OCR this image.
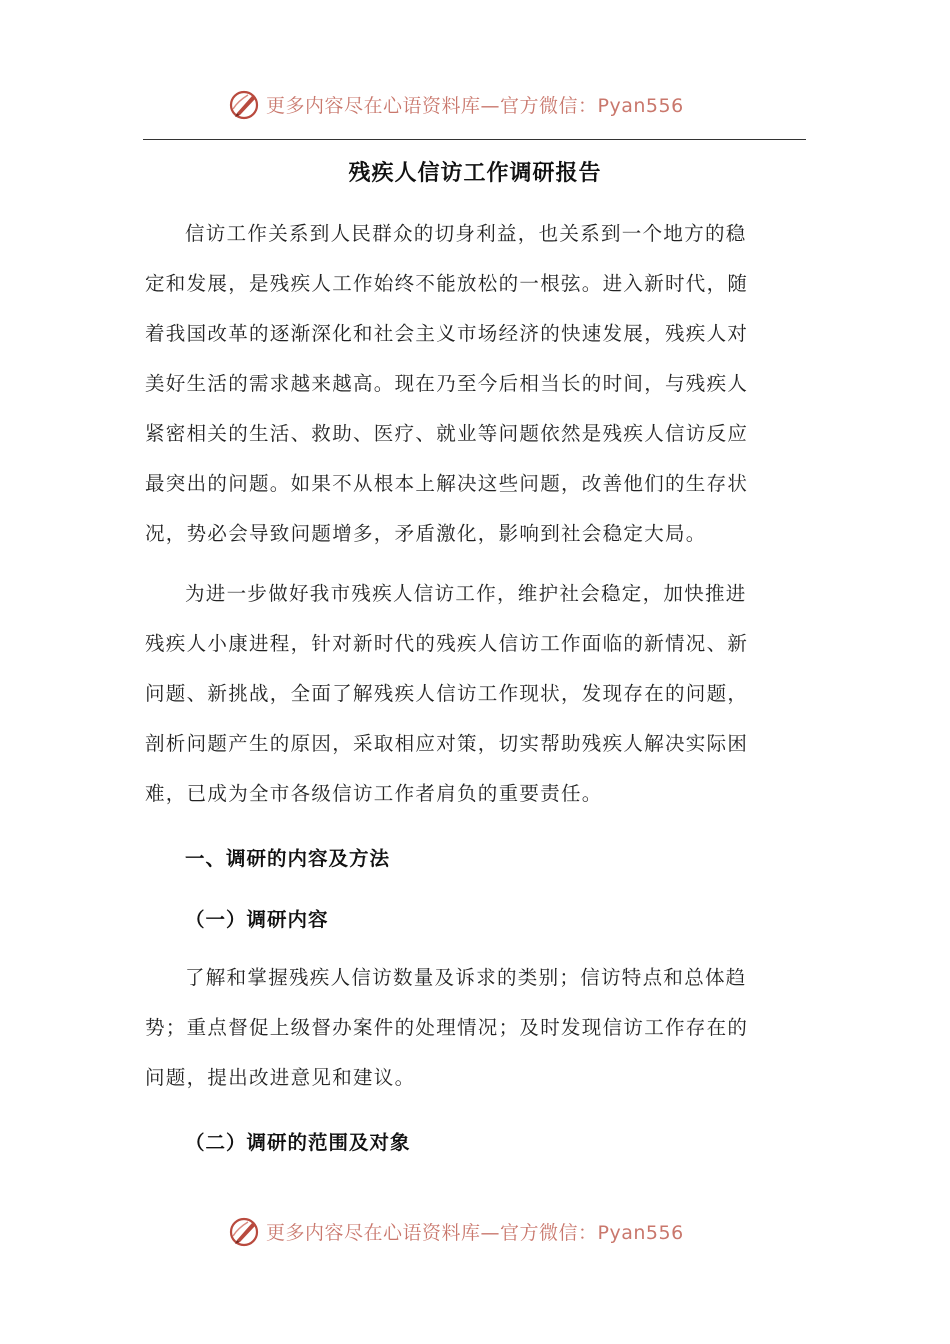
更多内容尽在心语资料库—官方微信：Pyan556
残疾人信访工作调研报告

信访工作关系到人民群众的切身利益，也关系到一个地方的稳
定和发展，是残疾人工作始终不能放松的一根弦。进入新时代，随
着我国改革的逐渐深化和社会主义市场经济的快速发展，残疾人对
美好生活的需求越来越高。现在乃至今后相当长的时间，与残疾人
紧密相关的生活、救助、医疗、就业等问题依然是残疾人信访反应
最突出的问题。如果不从根本上解决这些问题，改善他们的生存状
况，势必会导致问题增多，矛盾激化，影响到社会稳定大局。

为进一步做好我市残疾人信访工作，维护社会稳定，加快推进
残疾人小康进程，针对新时代的残疾人信访工作面临的新情况、新
问题、新挑战，全面了解残疾人信访工作现状，发现存在的问题，
剖析问题产生的原因，采取相应对策，切实帮助残疾人解决实际困
难，已成为全市各级信访工作者肩负的重要责任。

一、调研的内容及方法
（一）调研内容

了解和掌握残疾人信访数量及诉求的类别；信访特点和总体趋
势；重点督促上级督办案件的处理情况；及时发现信访工作存在的
问题，提出改进意见和建议。

（二）调研的范围及对象
更多内容尽在心语资料库—官方微信：Pyan556
